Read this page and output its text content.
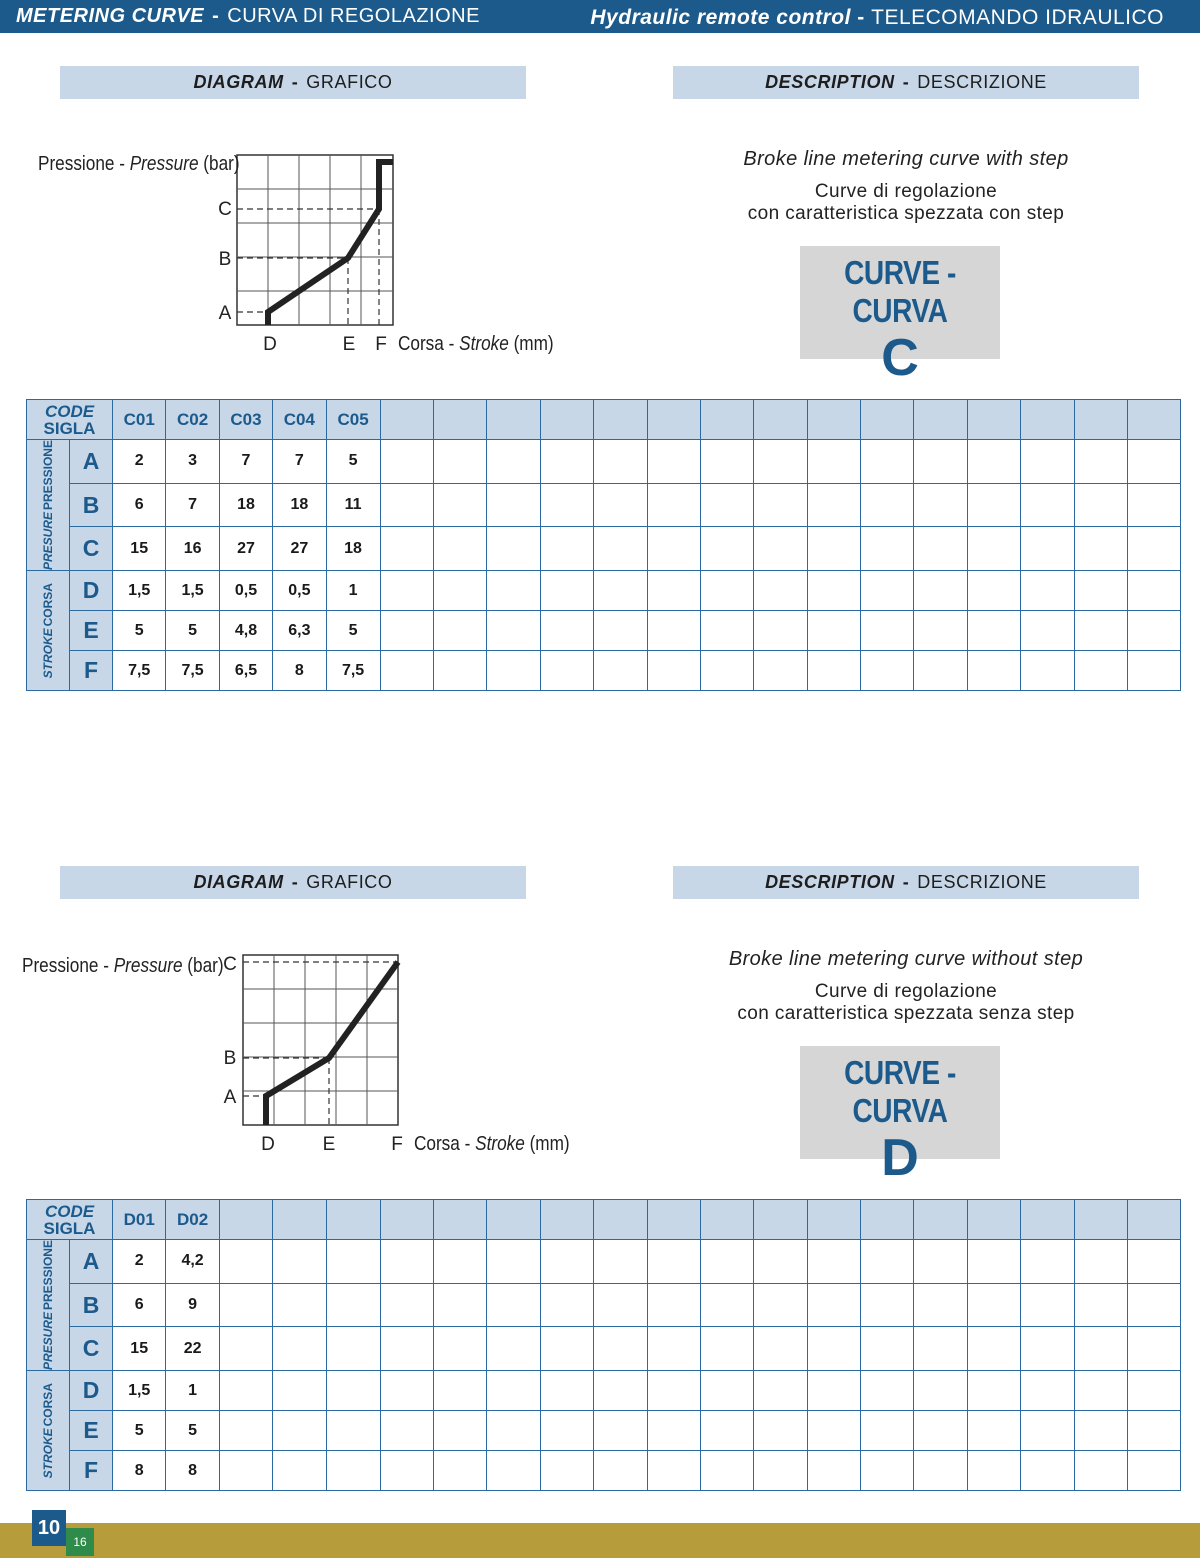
METERING CURVE - CURVA DI REGOLAZIONE
DIAGRAM - GRAFICO	DESCRIPTION - DESCRIZIONE
C
B
A
D	E F
Pressione - Pressure (bar)
Corsa - Stroke (mm)
C
B
A
D	E	F
Pressione - Pressure (bar)
Corsa - Stroke (mm)
Broke line metering curve with step
Curve di regolazione
con caratteristica spezzata con step
CURVE - CURVA
C
CODE
SIGLA		C01	C02	C03	C04	C05															

PRESURE
PRESSIONE	A	2	3	7	7	5															
	B	6	7	18	18	11															
	C	15	16	27	27	18															

STROKE
CORSA	D	1,5	1,5	0,5	0,5	1															
	E	5	5	4,8	6,3	5															
	F	7,5	7,5	6,5	8	7,5															
DIAGRAM - GRAFICO	DESCRIPTION - DESCRIZIONE
Broke line metering curve without step
Curve di regolazione
con caratteristica spezzata senza step
CURVE - CURVA
D
CODE
SIGLA		D01	D02																		

PRESURE
PRESSIONE	A	2	4,2																		
	B	6	9																		
	C	15	22																		

STROKE
CORSA	D	1,5	1																		
	E	5	5																		
	F	8	8																		
Hydraulic remote control - TELECOMANDO IDRAULICO
10
16
